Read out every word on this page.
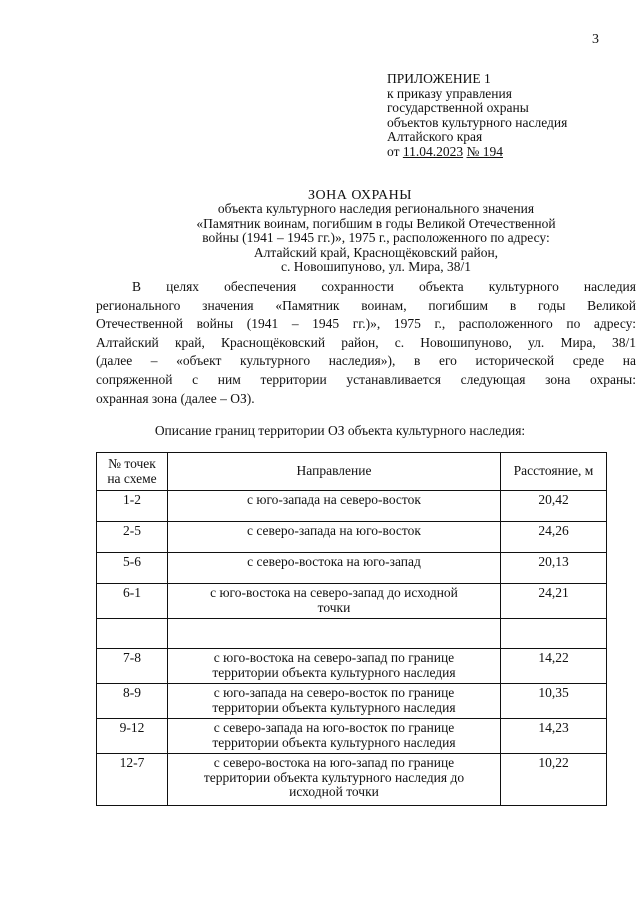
3
ПРИЛОЖЕНИЕ 1
к приказу управления
государственной охраны
объектов культурного наследия
Алтайского края
от 11.04.2023 № 194
ЗОНА ОХРАНЫ
объекта культурного наследия регионального значения
«Памятник воинам, погибшим в годы Великой Отечественной
войны (1941 – 1945 гг.)», 1975 г., расположенного по адресу:
Алтайский край, Краснощёковский район,
с. Новошипуново, ул. Мира, 38/1
В целях обеспечения сохранности объекта культурного наследия
регионального значения «Памятник воинам, погибшим в годы Великой
Отечественной войны (1941 – 1945 гг.)», 1975 г., расположенного по адресу:
Алтайский край, Краснощёковский район, с. Новошипуново, ул. Мира, 38/1
(далее – «объект культурного наследия»), в его исторической среде на
сопряженной с ним территории устанавливается следующая зона охраны:
охранная зона (далее – ОЗ).
Описание границ территории ОЗ объекта культурного наследия:
№ точек
на схеме	Направление	Расстояние, м
1-2	с юго-запада на северо-восток	20,42
2-5	с северо-запада на юго-восток	24,26
5-6	с северо-востока на юго-запад	20,13
6-1	с юго-востока на северо-запад до исходной
точки	24,21

7-8	с юго-востока на северо-запад по границе
территории объекта культурного наследия	14,22
8-9	с юго-запада на северо-восток по границе
территории объекта культурного наследия	10,35
9-12	с северо-запада на юго-восток по границе
территории объекта культурного наследия	14,23
12-7	с северо-востока на юго-запад по границе
территории объекта культурного наследия до
исходной точки	10,22
